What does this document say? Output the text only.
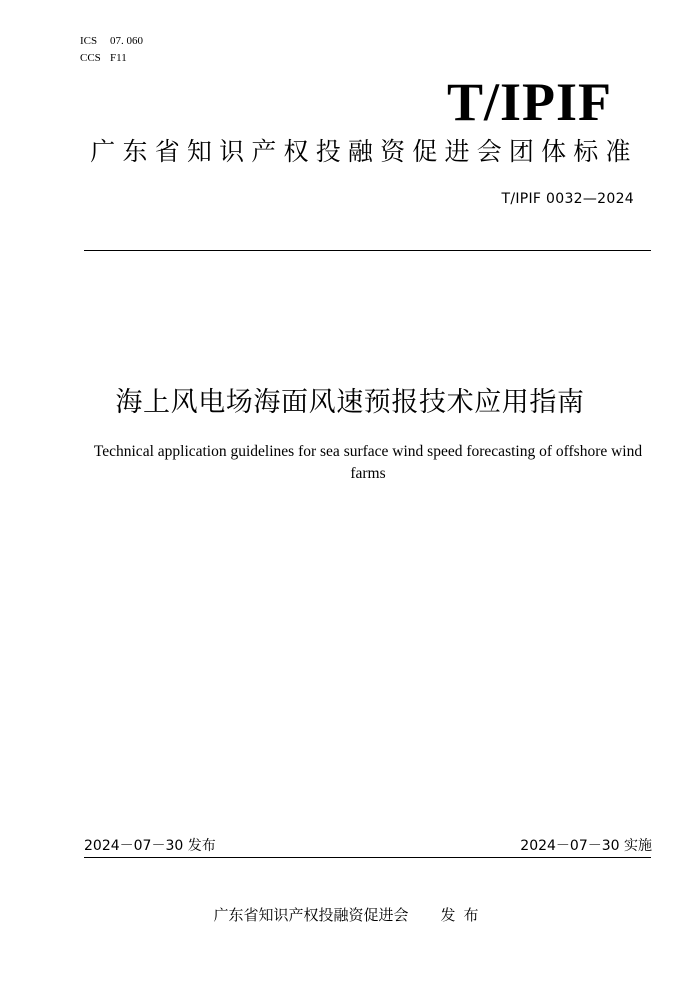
ICS 07. 060
CCS F11
T/IPIF
广东省知识产权投融资促进会团体标准
T/IPIF 0032—2024
海上风电场海面风速预报技术应用指南
Technical application guidelines for sea surface wind speed forecasting of offshore wind farms
2024－07－30 发布	2024－07－30 实施
广东省知识产权投融资促进会 发布
